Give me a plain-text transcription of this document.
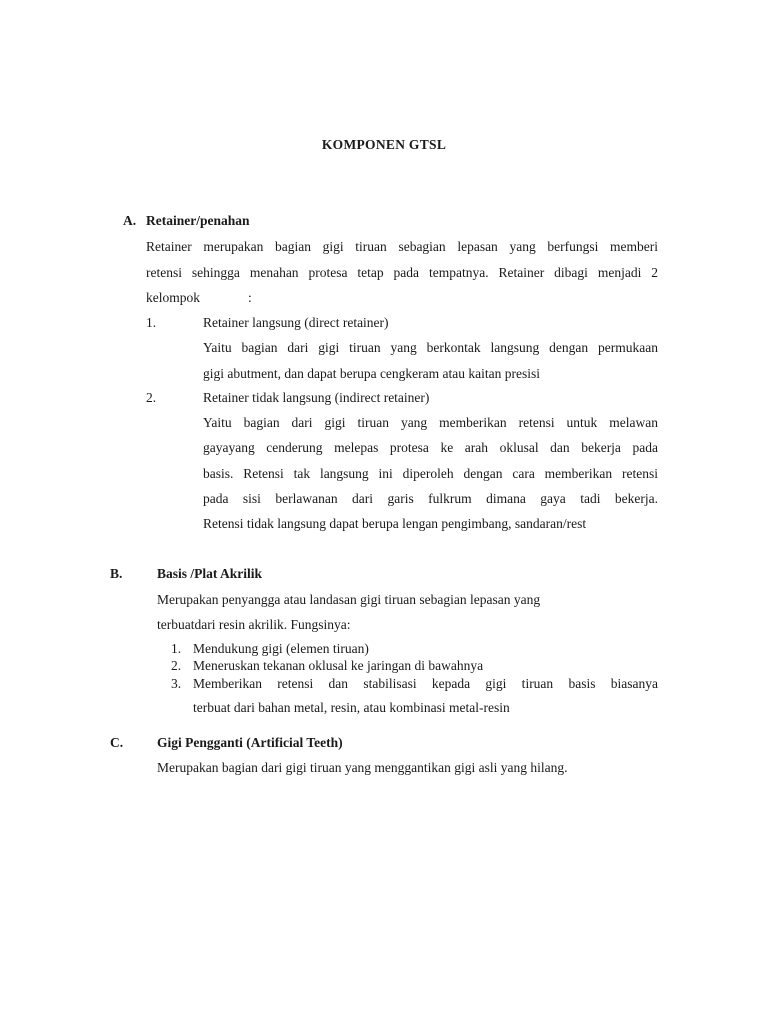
KOMPONEN GTSL
A. Retainer/penahan
Retainer merupakan bagian gigi tiruan sebagian lepasan yang berfungsi memberi
retensi sehingga menahan protesa tetap pada tempatnya. Retainer dibagi menjadi 2
kelompok	:
1.	Retainer langsung (direct retainer)
Yaitu bagian dari gigi tiruan yang berkontak langsung dengan permukaan
gigi abutment, dan dapat berupa cengkeram atau kaitan presisi
2.	Retainer tidak langsung (indirect retainer)
Yaitu bagian dari gigi tiruan yang memberikan retensi untuk melawan
gayayang cenderung melepas protesa ke arah oklusal dan bekerja pada
basis. Retensi tak langsung ini diperoleh dengan cara memberikan retensi
pada sisi berlawanan dari garis fulkrum dimana gaya tadi bekerja.
Retensi tidak langsung dapat berupa lengan pengimbang, sandaran/rest
B.	Basis /Plat Akrilik
Merupakan penyangga atau landasan gigi tiruan sebagian lepasan yang
terbuatdari resin akrilik. Fungsinya:
1. Mendukung gigi (elemen tiruan)
2. Meneruskan tekanan oklusal ke jaringan di bawahnya
3. Memberikan retensi dan stabilisasi kepada gigi tiruan basis biasanya
terbuat dari bahan metal, resin, atau kombinasi metal-resin
C.	Gigi Pengganti (Artificial Teeth)
Merupakan bagian dari gigi tiruan yang menggantikan gigi asli yang hilang.
